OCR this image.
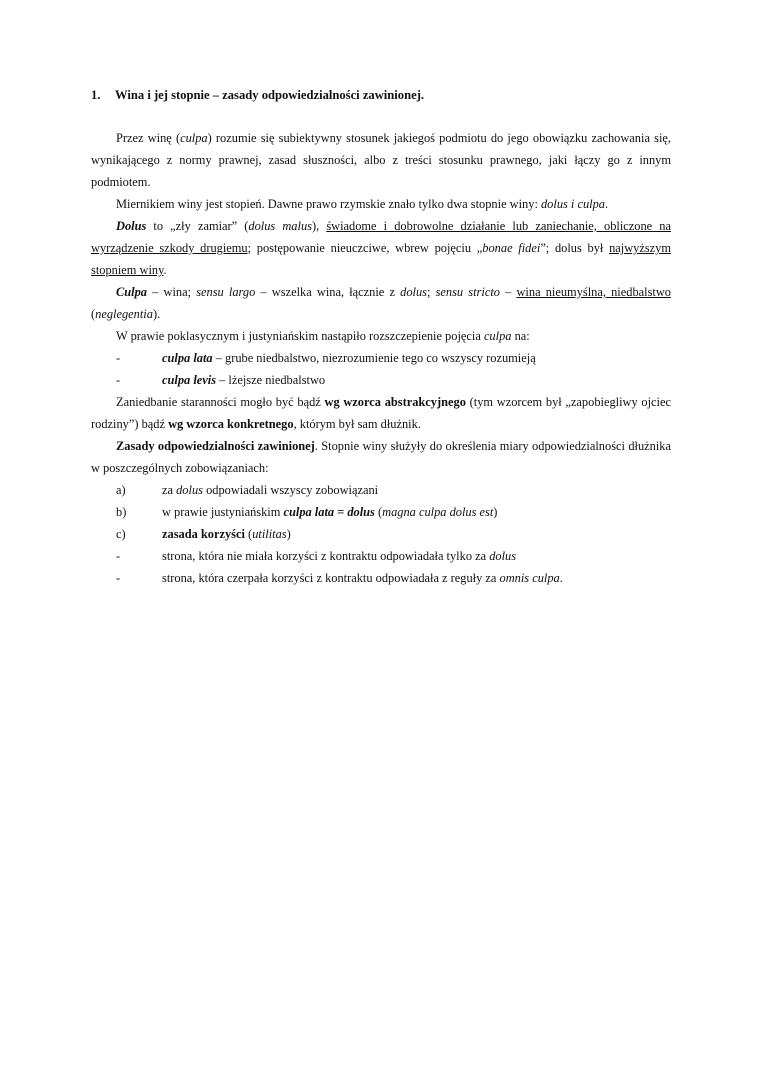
1. Wina i jej stopnie – zasady odpowiedzialności zawinionej.

Przez winę (culpa) rozumie się subiektywny stosunek jakiegoś podmiotu do jego obowiązku zachowania się, wynikającego z normy prawnej, zasad słuszności, albo z treści stosunku prawnego, jaki łączy go z innym podmiotem.

Miernikiem winy jest stopień. Dawne prawo rzymskie znało tylko dwa stopnie winy: dolus i culpa.

Dolus to „zły zamiar” (dolus malus), świadome i dobrowolne działanie lub zaniechanie, obliczone na wyrządzenie szkody drugiemu; postępowanie nieuczciwe, wbrew pojęciu „bonae fidei”; dolus był najwyższym stopniem winy.

Culpa – wina; sensu largo – wszelka wina, łącznie z dolus; sensu stricto – wina nieumyślna, niedbalstwo (neglegentia).

W prawie poklasycznym i justyniańskim nastąpiło rozszczepienie pojęcia culpa na:

-	culpa lata – grube niedbalstwo, niezrozumienie tego co wszyscy rozumieją
-	culpa levis – lżejsze niedbalstwo

Zaniedbanie staranności mogło być bądź wg wzorca abstrakcyjnego (tym wzorcem był „zapobiegliwy ojciec rodziny”) bądź wg wzorca konkretnego, którym był sam dłużnik.

Zasady odpowiedzialności zawinionej. Stopnie winy służyły do określenia miary odpowiedzialności dłużnika w poszczególnych zobowiązaniach:

a)	za dolus odpowiadali wszyscy zobowiązani
b)	w prawie justyniańskim culpa lata = dolus (magna culpa dolus est)
c)	zasada korzyści (utilitas)
-	strona, która nie miała korzyści z kontraktu odpowiadała tylko za dolus
-	strona, która czerpała korzyści z kontraktu odpowiadała z reguły za omnis culpa.
